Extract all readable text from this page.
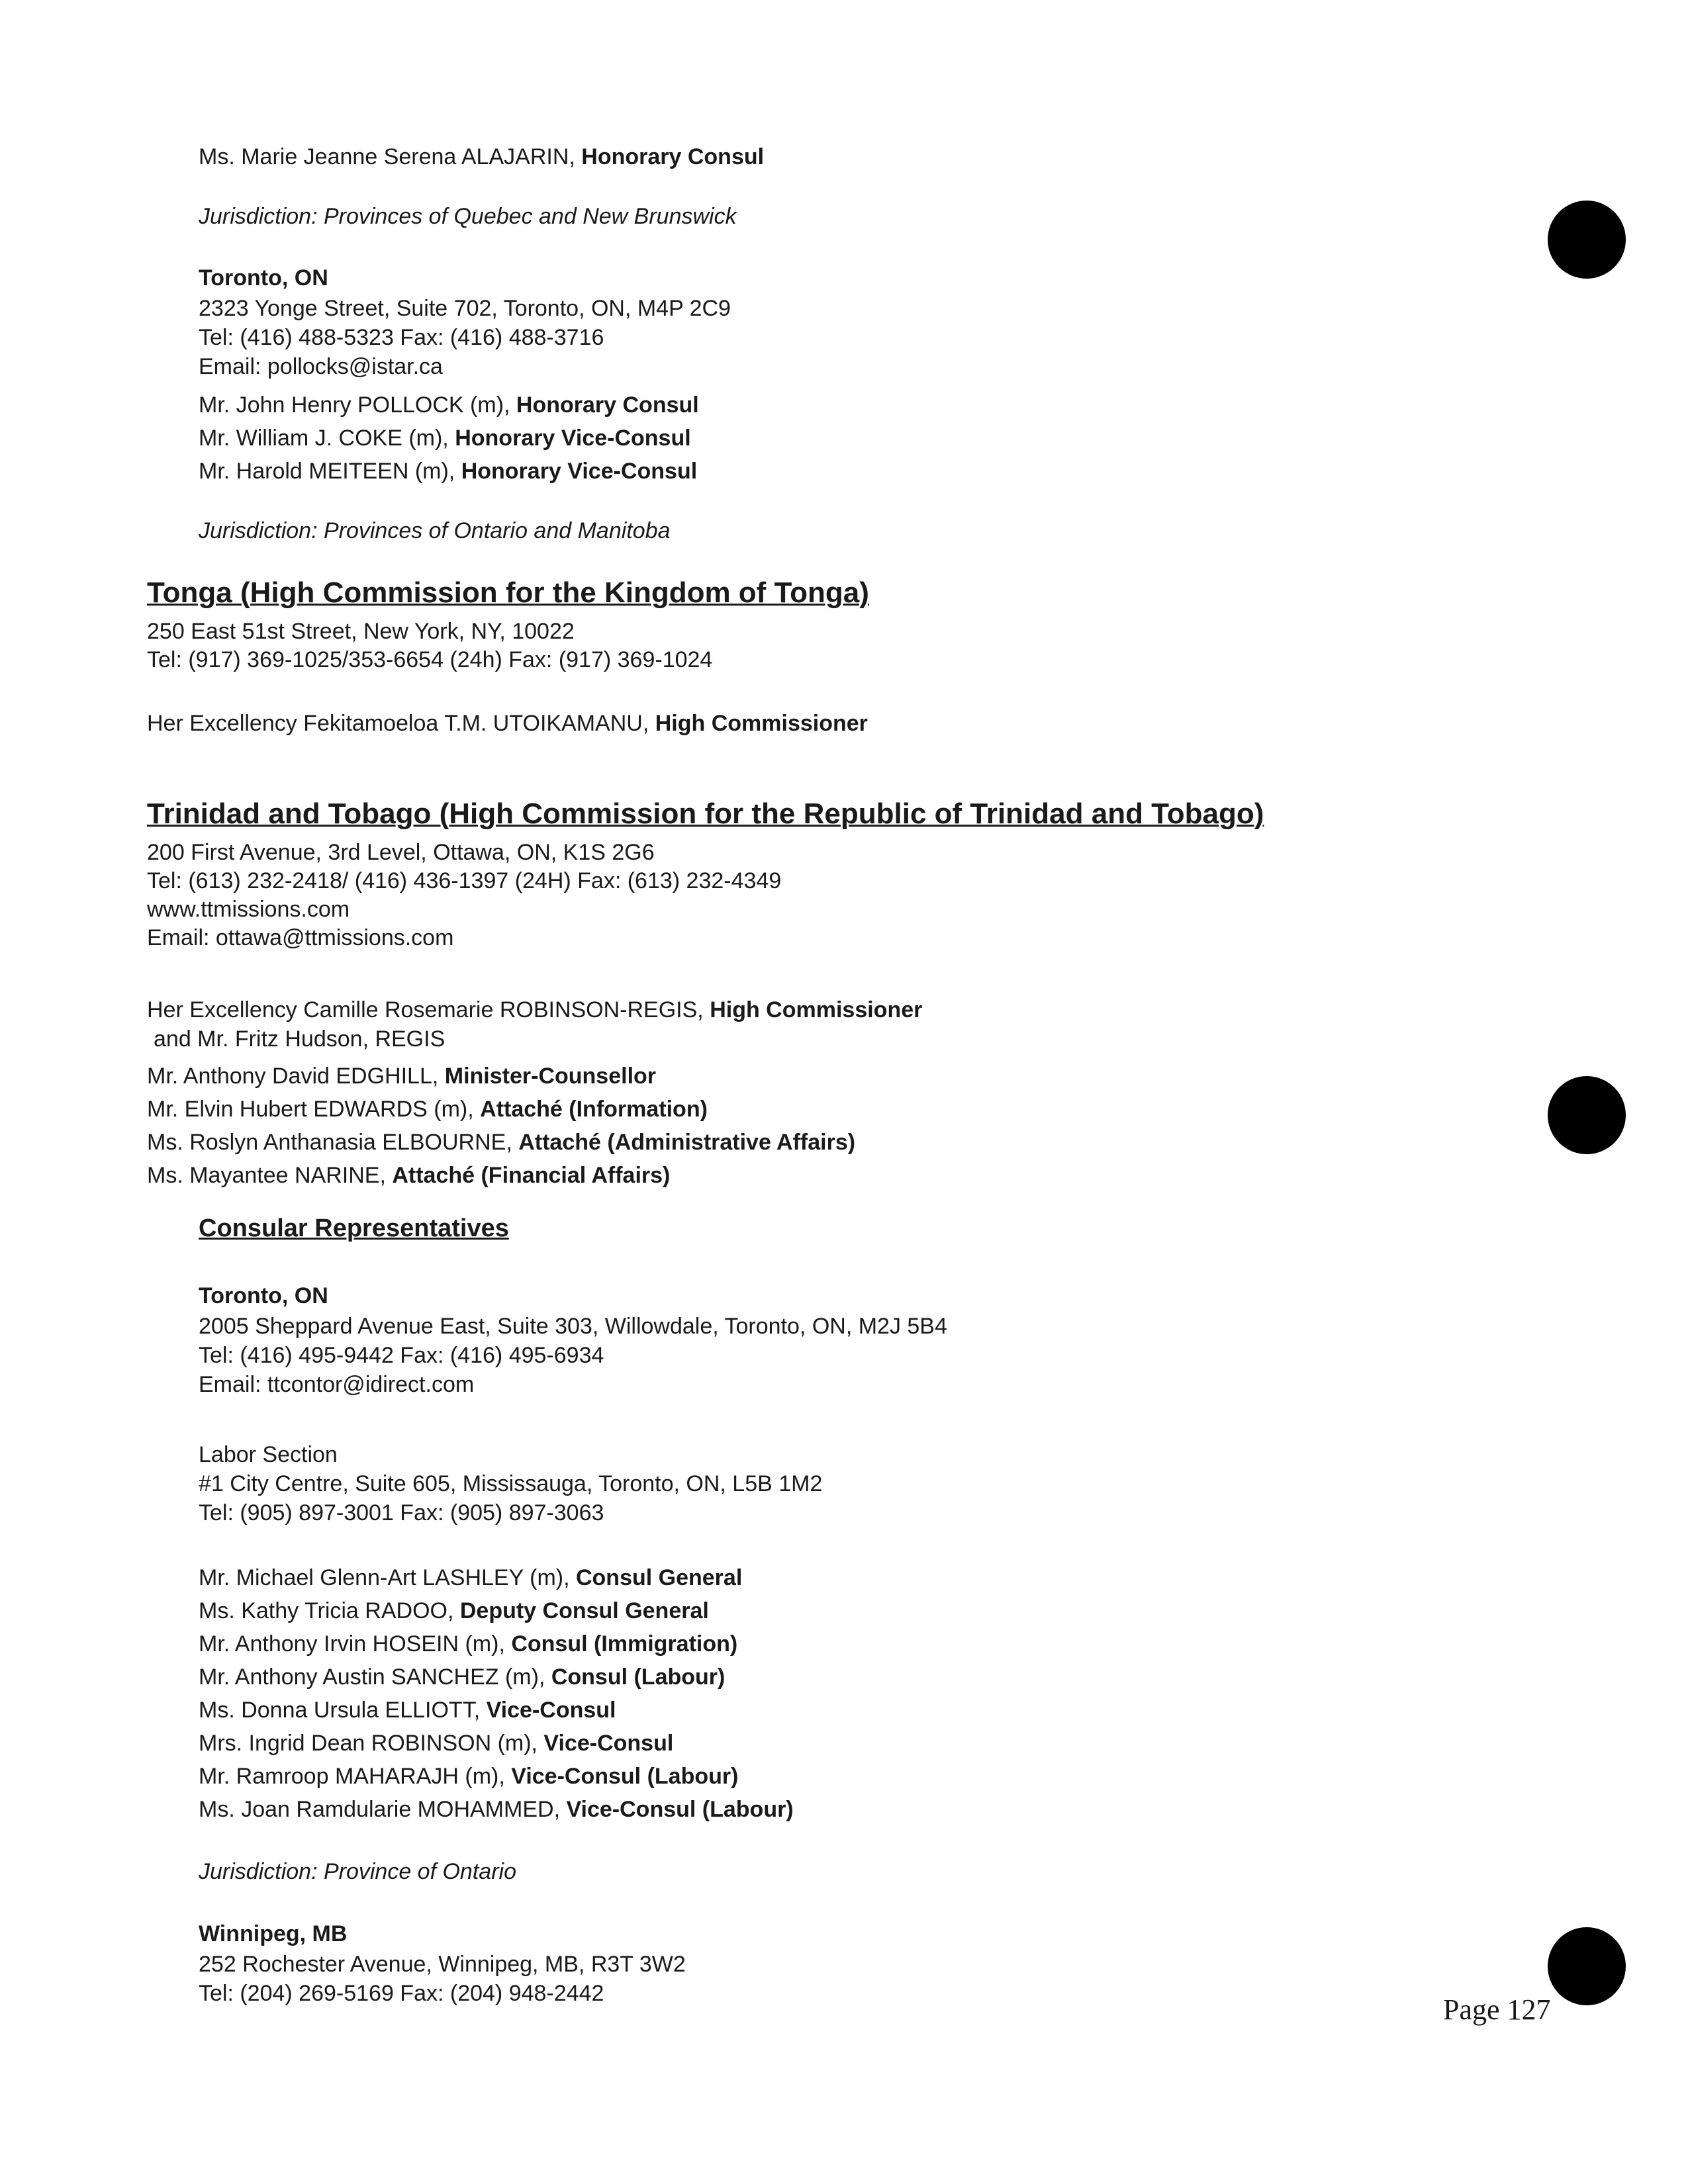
Ms. Marie Jeanne Serena ALAJARIN, Honorary Consul
Jurisdiction: Provinces of Quebec and New Brunswick
Toronto, ON
2323 Yonge Street, Suite 702, Toronto, ON, M4P 2C9
Tel: (416) 488-5323 Fax: (416) 488-3716
Email: pollocks@istar.ca
Mr. John Henry POLLOCK (m), Honorary Consul
Mr. William J. COKE (m), Honorary Vice-Consul
Mr. Harold MEITEEN (m), Honorary Vice-Consul
Jurisdiction: Provinces of Ontario and Manitoba
Tonga (High Commission for the Kingdom of Tonga)
250 East 51st Street, New York, NY, 10022
Tel: (917) 369-1025/353-6654 (24h) Fax: (917) 369-1024
Her Excellency Fekitamoeloa T.M. UTOIKAMANU, High Commissioner
Trinidad and Tobago (High Commission for the Republic of Trinidad and Tobago)
200 First Avenue, 3rd Level, Ottawa, ON, K1S 2G6
Tel: (613) 232-2418/ (416) 436-1397 (24H) Fax: (613) 232-4349
www.ttmissions.com
Email: ottawa@ttmissions.com
Her Excellency Camille Rosemarie ROBINSON-REGIS, High Commissioner
and Mr. Fritz Hudson, REGIS
Mr. Anthony David EDGHILL, Minister-Counsellor
Mr. Elvin Hubert EDWARDS (m), Attaché (Information)
Ms. Roslyn Anthanasia ELBOURNE, Attaché (Administrative Affairs)
Ms. Mayantee NARINE, Attaché (Financial Affairs)
Consular Representatives
Toronto, ON
2005 Sheppard Avenue East, Suite 303, Willowdale, Toronto, ON, M2J 5B4
Tel: (416) 495-9442 Fax: (416) 495-6934
Email: ttcontor@idirect.com
Labor Section
#1 City Centre, Suite 605, Mississauga, Toronto, ON, L5B 1M2
Tel: (905) 897-3001 Fax: (905) 897-3063
Mr. Michael Glenn-Art LASHLEY (m), Consul General
Ms. Kathy Tricia RADOO, Deputy Consul General
Mr. Anthony Irvin HOSEIN (m), Consul (Immigration)
Mr. Anthony Austin SANCHEZ (m), Consul (Labour)
Ms. Donna Ursula ELLIOTT, Vice-Consul
Mrs. Ingrid Dean ROBINSON (m), Vice-Consul
Mr. Ramroop MAHARAJH (m), Vice-Consul (Labour)
Ms. Joan Ramdularie MOHAMMED, Vice-Consul (Labour)
Jurisdiction: Province of Ontario
Winnipeg, MB
252 Rochester Avenue, Winnipeg, MB, R3T 3W2
Tel: (204) 269-5169 Fax: (204) 948-2442	Page 127
